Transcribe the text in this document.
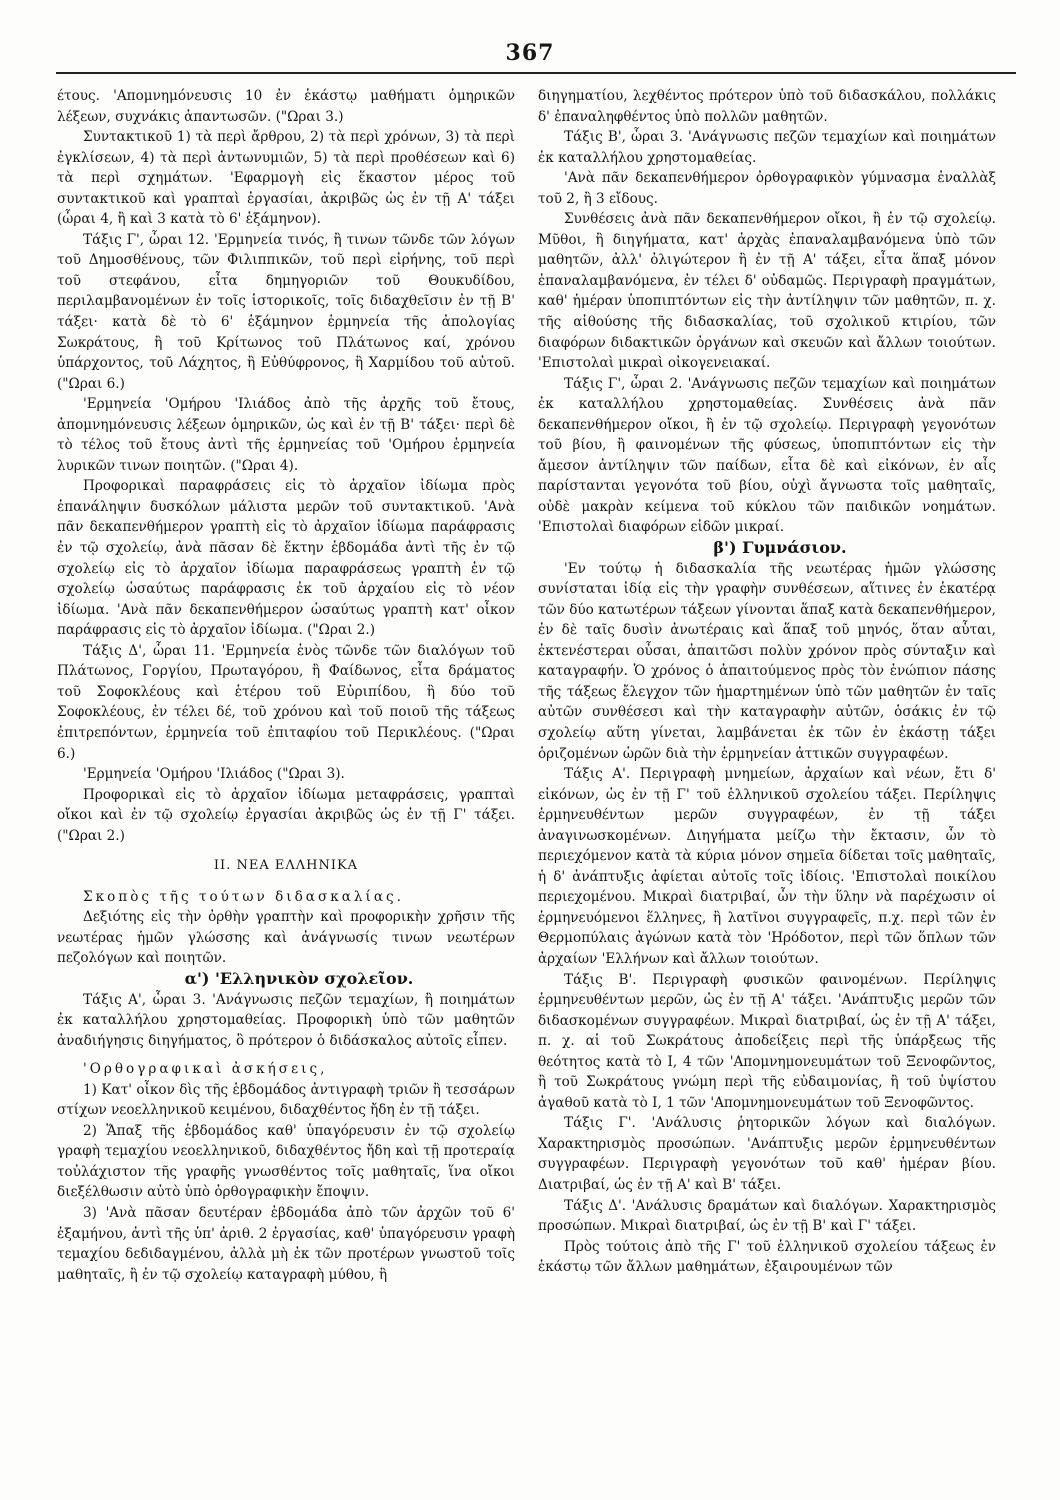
367

έτους. 'Απομνημόνευσις 10 ἐν ἑκάστῳ μαθήματι ὁμηρικῶν λέξεων, συχνάκις ἁπαντωσῶν. ("Ωραι 3.)

Συντακτικοῦ 1) τὰ περὶ ἄρθρου, 2) τὰ περὶ χρόνων, 3) τὰ περὶ ἐγκλίσεων, 4) τὰ περὶ ἀντωνυμιῶν, 5) τὰ περὶ προθέσεων καὶ 6) τὰ περὶ σχημάτων. 'Εφαρμογὴ εἰς ἕκαστον μέρος τοῦ συντακτικοῦ καὶ γραπταὶ ἐργασίαι, ἀκριβῶς ὡς ἐν τῇ Α' τάξει (ὧραι 4, ἢ καὶ 3 κατὰ τὸ 6' ἑξάμηνον).

Τάξις Γ', ὧραι 12. 'Ερμηνεία τινός, ἢ τινων τῶνδε τῶν λόγων τοῦ Δημοσθένους, τῶν Φιλιππικῶν, τοῦ περὶ εἰρήνης, τοῦ περὶ τοῦ στεφάνου, εἶτα δημηγοριῶν τοῦ Θουκυδίδου, περιλαμβανομένων ἐν τοῖς ἱστορικοῖς, τοῖς διδαχθεῖσιν ἐν τῇ Β' τάξει· κατὰ δὲ τὸ 6' ἑξάμηνον ἑρμηνεία τῆς ἀπολογίας Σωκράτους, ἢ τοῦ Κρίτωνος τοῦ Πλάτωνος καί, χρόνου ὑπάρχοντος, τοῦ Λάχητος, ἢ Εὐθύφρονος, ἢ Χαρμίδου τοῦ αὐτοῦ. ("Ωραι 6.)

'Ερμηνεία 'Ομήρου 'Ιλιάδος ἀπὸ τῆς ἀρχῆς τοῦ ἔτους, ἀπομνημόνευσις λέξεων ὁμηρικῶν, ὡς καὶ ἐν τῇ Β' τάξει· περὶ δὲ τὸ τέλος τοῦ ἔτους ἀντὶ τῆς ἑρμηνείας τοῦ 'Ομήρου ἑρμηνεία λυρικῶν τινων ποιητῶν. ("Ωραι 4).

Προφορικαὶ παραφράσεις εἰς τὸ ἀρχαῖον ἰδίωμα πρὸς ἐπανάληψιν δυσκόλων μάλιστα μερῶν τοῦ συντακτικοῦ. 'Ανὰ πᾶν δεκαπενθήμερον γραπτὴ εἰς τὸ ἀρχαῖον ἰδίωμα παράφρασις ἐν τῷ σχολείῳ, ἀνὰ πᾶσαν δὲ ἕκτην ἑβδομάδα ἀντὶ τῆς ἐν τῷ σχολείῳ εἰς τὸ ἀρχαῖον ἰδίωμα παραφράσεως γραπτὴ ἐν τῷ σχολείῳ ὡσαύτως παράφρασις ἐκ τοῦ ἀρχαίου εἰς τὸ νέον ἰδίωμα. 'Ανὰ πᾶν δεκαπενθήμερον ὡσαύτως γραπτὴ κατ' οἶκον παράφρασις εἰς τὸ ἀρχαῖον ἰδίωμα. ("Ωραι 2.)

Τάξις Δ', ὧραι 11. 'Ερμηνεία ἑνὸς τῶνδε τῶν διαλόγων τοῦ Πλάτωνος, Γοργίου, Πρωταγόρου, ἢ Φαίδωνος, εἶτα δράματος τοῦ Σοφοκλέους καὶ ἑτέρου τοῦ Εὐριπίδου, ἢ δύο τοῦ Σοφοκλέους, ἐν τέλει δέ, τοῦ χρόνου καὶ τοῦ ποιοῦ τῆς τάξεως ἐπιτρεπόντων, ἑρμηνεία τοῦ ἐπιταφίου τοῦ Περικλέους. ("Ωραι 6.)

'Ερμηνεία 'Ομήρου 'Ιλιάδος ("Ωραι 3).

Προφορικαὶ εἰς τὸ ἀρχαῖον ἰδίωμα μεταφράσεις, γραπταὶ οἴκοι καὶ ἐν τῷ σχολείῳ ἐργασίαι ἀκριβῶς ὡς ἐν τῇ Γ' τάξει. ("Ωραι 2.)

II. ΝΕΑ ΕΛΛΗΝΙΚΑ

Σκοπὸς τῆς τούτων διδασκαλίας.

Δεξιότης εἰς τὴν ὀρθὴν γραπτὴν καὶ προφορικὴν χρῆσιν τῆς νεωτέρας ἡμῶν γλώσσης καὶ ἀνάγνωσίς τινων νεωτέρων πεζολόγων καὶ ποιητῶν.

α') 'Ελληνικὸν σχολεῖον.

Τάξις Α', ὧραι 3. 'Ανάγνωσις πεζῶν τεμαχίων, ἢ ποιημάτων ἐκ καταλλήλου χρηστομαθείας. Προφορικὴ ὑπὸ τῶν μαθητῶν ἀναδιήγησις διηγήματος, ὃ πρότερον ὁ διδάσκαλος αὐτοῖς εἶπεν.

'Ορθογραφικαὶ ἀσκήσεις,

1) Κατ' οἶκον δὶς τῆς ἑβδομάδος ἀντιγραφὴ τριῶν ἢ τεσσάρων στίχων νεοελληνικοῦ κειμένου, διδαχθέντος ἤδη ἐν τῇ τάξει.

2) Ἅπαξ τῆς ἑβδομάδος καθ' ὑπαγόρευσιν ἐν τῷ σχολείῳ γραφὴ τεμαχίου νεοελληνικοῦ, διδαχθέντος ἤδη καὶ τῇ προτεραίᾳ τοὐλάχιστον τῆς γραφῆς γνωσθέντος τοῖς μαθηταῖς, ἵνα οἴκοι διεξέλθωσιν αὐτὸ ὑπὸ ὀρθογραφικὴν ἔποψιν.

3) 'Ανὰ πᾶσαν δευτέραν ἑβδομάδα ἀπὸ τῶν ἀρχῶν τοῦ 6' ἑξαμήνου, ἀντὶ τῆς ὑπ' ἀριθ. 2 ἐργασίας, καθ' ὑπαγόρευσιν γραφὴ τεμαχίου δεδιδαγμένου, ἀλλὰ μὴ ἐκ τῶν προτέρων γνωστοῦ τοῖς μαθηταῖς, ἢ ἐν τῷ σχολείῳ καταγραφὴ μύθου, ἢ

διηγηματίου, λεχθέντος πρότερον ὑπὸ τοῦ διδασκάλου, πολλάκις δ' ἐπαναληφθέντος ὑπὸ πολλῶν μαθητῶν.

Τάξις Β', ὧραι 3. 'Ανάγνωσις πεζῶν τεμαχίων καὶ ποιημάτων ἐκ καταλλήλου χρηστομαθείας.

'Ανὰ πᾶν δεκαπενθήμερον ὀρθογραφικὸν γύμνασμα ἐναλλὰξ τοῦ 2, ἢ 3 εἴδους.

Συνθέσεις ἀνὰ πᾶν δεκαπενθήμερον οἴκοι, ἢ ἐν τῷ σχολείῳ. Μῦθοι, ἢ διηγήματα, κατ' ἀρχὰς ἐπαναλαμβανόμενα ὑπὸ τῶν μαθητῶν, ἀλλ' ὀλιγώτερον ἢ ἐν τῇ Α' τάξει, εἶτα ἅπαξ μόνον ἐπαναλαμβανόμενα, ἐν τέλει δ' οὐδαμῶς. Περιγραφὴ πραγμάτων, καθ' ἡμέραν ὑποπιπτόντων εἰς τὴν ἀντίληψιν τῶν μαθητῶν, π. χ. τῆς αἰθούσης τῆς διδασκαλίας, τοῦ σχολικοῦ κτιρίου, τῶν διαφόρων διδακτικῶν ὀργάνων καὶ σκευῶν καὶ ἄλλων τοιούτων. 'Επιστολαὶ μικραὶ οἰκογενειακαί.

Τάξις Γ', ὧραι 2. 'Ανάγνωσις πεζῶν τεμαχίων καὶ ποιημάτων ἐκ καταλλήλου χρηστομαθείας. Συνθέσεις ἀνὰ πᾶν δεκαπενθήμερον οἴκοι, ἢ ἐν τῷ σχολείῳ. Περιγραφὴ γεγονότων τοῦ βίου, ἢ φαινομένων τῆς φύσεως, ὑποπιπτόντων εἰς τὴν ἄμεσον ἀντίληψιν τῶν παίδων, εἶτα δὲ καὶ εἰκόνων, ἐν αἷς παρίστανται γεγονότα τοῦ βίου, οὐχὶ ἄγνωστα τοῖς μαθηταῖς, οὐδὲ μακρὰν κείμενα τοῦ κύκλου τῶν παιδικῶν νοημάτων. 'Επιστολαὶ διαφόρων εἰδῶν μικραί.

β') Γυμνάσιον.

'Εν τούτῳ ἡ διδασκαλία τῆς νεωτέρας ἡμῶν γλώσσης συνίσταται ἰδίᾳ εἰς τὴν γραφὴν συνθέσεων, αἵτινες ἐν ἑκατέρᾳ τῶν δύο κατωτέρων τάξεων γίνονται ἅπαξ κατὰ δεκαπενθήμερον, ἐν δὲ ταῖς δυσὶν ἀνωτέραις καὶ ἅπαξ τοῦ μηνός, ὅταν αὗται, ἐκτενέστεραι οὖσαι, ἀπαιτῶσι πολὺν χρόνον πρὸς σύνταξιν καὶ καταγραφήν. Ὁ χρόνος ὁ ἀπαιτούμενος πρὸς τὸν ἐνώπιον πάσης τῆς τάξεως ἔλεγχον τῶν ἡμαρτημένων ὑπὸ τῶν μαθητῶν ἐν ταῖς αὐτῶν συνθέσεσι καὶ τὴν καταγραφὴν αὐτῶν, ὁσάκις ἐν τῷ σχολείῳ αὕτη γίνεται, λαμβάνεται ἐκ τῶν ἐν ἑκάστῃ τάξει ὁριζομένων ὡρῶν διὰ τὴν ἑρμηνείαν ἀττικῶν συγγραφέων.

Τάξις Α'. Περιγραφὴ μνημείων, ἀρχαίων καὶ νέων, ἔτι δ' εἰκόνων, ὡς ἐν τῇ Γ' τοῦ ἑλληνικοῦ σχολείου τάξει. Περίληψις ἑρμηνευθέντων μερῶν συγγραφέων, ἐν τῇ τάξει ἀναγινωσκομένων. Διηγήματα μείζω τὴν ἔκτασιν, ὧν τὸ περιεχόμενον κατὰ τὰ κύρια μόνον σημεῖα δίδεται τοῖς μαθηταῖς, ἡ δ' ἀνάπτυξις ἀφίεται αὐτοῖς τοῖς ἰδίοις. 'Επιστολαὶ ποικίλου περιεχομένου. Μικραὶ διατριβαί, ὧν τὴν ὕλην νὰ παρέχωσιν οἱ ἑρμηνευόμενοι ἕλληνες, ἢ λατῖνοι συγγραφεῖς, π.χ. περὶ τῶν ἐν Θερμοπύλαις ἀγώνων κατὰ τὸν 'Ηρόδοτον, περὶ τῶν ὅπλων τῶν ἀρχαίων 'Ελλήνων καὶ ἄλλων τοιούτων.

Τάξις Β'. Περιγραφὴ φυσικῶν φαινομένων. Περίληψις ἑρμηνευθέντων μερῶν, ὡς ἐν τῇ Α' τάξει. 'Ανάπτυξις μερῶν τῶν διδασκομένων συγγραφέων. Μικραὶ διατριβαί, ὡς ἐν τῇ Α' τάξει, π. χ. αἱ τοῦ Σωκράτους ἀποδείξεις περὶ τῆς ὑπάρξεως τῆς θεότητος κατὰ τὸ Ι, 4 τῶν 'Απομνημονευμάτων τοῦ Ξενοφῶντος, ἢ τοῦ Σωκράτους γνώμη περὶ τῆς εὐδαιμονίας, ἢ τοῦ ὑψίστου ἀγαθοῦ κατὰ τὸ Ι, 1 τῶν 'Απομνημονευμάτων τοῦ Ξενοφῶντος.

Τάξις Γ'. 'Ανάλυσις ῥητορικῶν λόγων καὶ διαλόγων. Χαρακτηρισμὸς προσώπων. 'Ανάπτυξις μερῶν ἑρμηνευθέντων συγγραφέων. Περιγραφὴ γεγονότων τοῦ καθ' ἡμέραν βίου. Διατριβαί, ὡς ἐν τῇ Α' καὶ Β' τάξει.

Τάξις Δ'. 'Ανάλυσις δραμάτων καὶ διαλόγων. Χαρακτηρισμὸς προσώπων. Μικραὶ διατριβαί, ὡς ἐν τῇ Β' καὶ Γ' τάξει.

Πρὸς τούτοις ἀπὸ τῆς Γ' τοῦ ἑλληνικοῦ σχολείου τάξεως ἐν ἑκάστῳ τῶν ἄλλων μαθημάτων, ἐξαιρουμένων τῶν
